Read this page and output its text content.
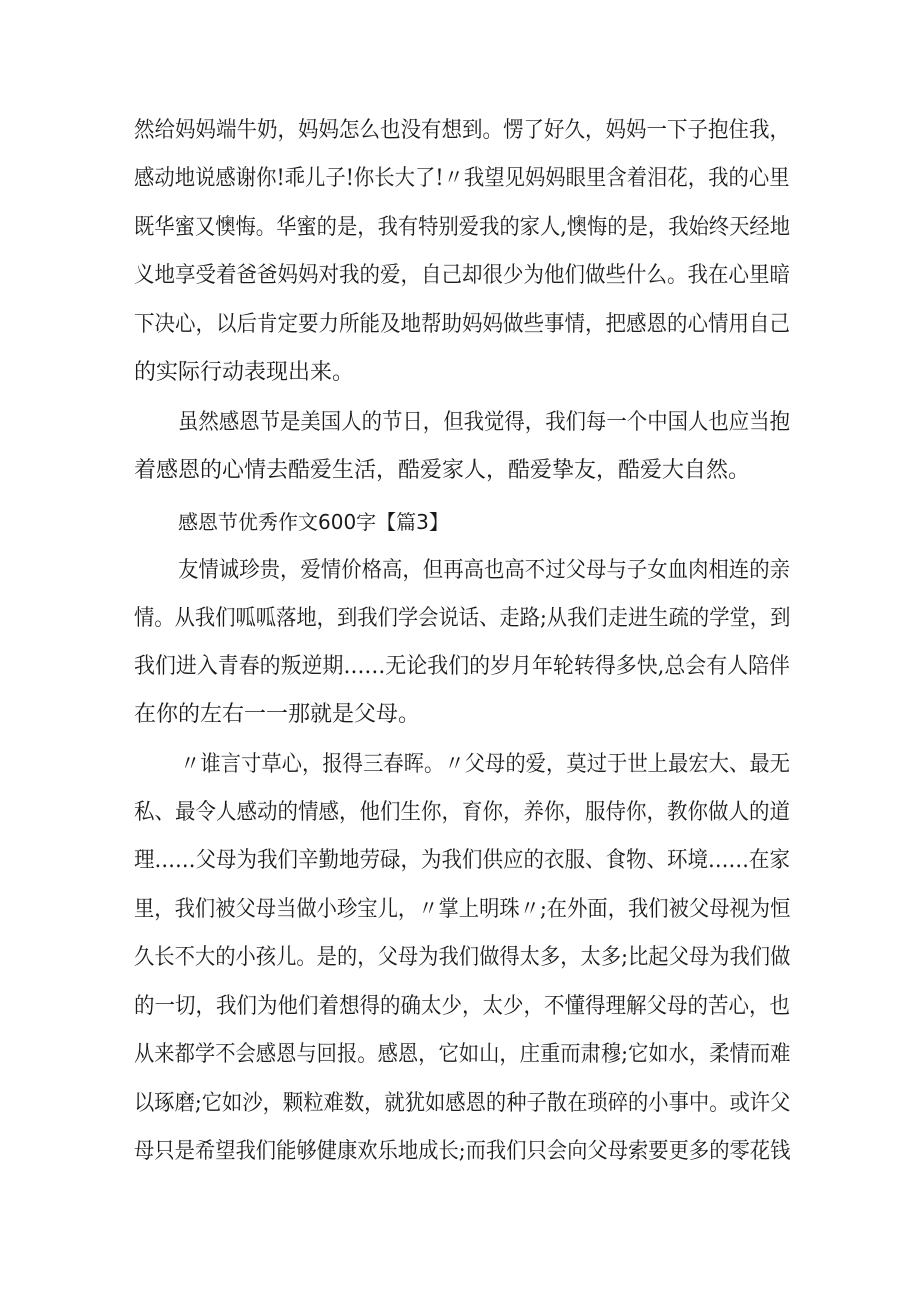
然给妈妈端牛奶，妈妈怎么也没有想到。愣了好久，妈妈一下子抱住我，
感动地说感谢你!乖儿子!你长大了!〃我望见妈妈眼里含着泪花，我的心里
既华蜜又懊悔。华蜜的是，我有特别爱我的家人,懊悔的是，我始终天经地
义地享受着爸爸妈妈对我的爱，自己却很少为他们做些什么。我在心里暗
下决心，以后肯定要力所能及地帮助妈妈做些事情，把感恩的心情用自己
的实际行动表现出来。
虽然感恩节是美国人的节日，但我觉得，我们每一个中国人也应当抱
着感恩的心情去酷爱生活，酷爱家人，酷爱挚友，酷爱大自然。
感恩节优秀作文600字【篇3】
友情诚珍贵，爱情价格高，但再高也高不过父母与子女血肉相连的亲
情。从我们呱呱落地，到我们学会说话、走路;从我们走进生疏的学堂，到
我们进入青春的叛逆期……无论我们的岁月年轮转得多快,总会有人陪伴
在你的左右一一那就是父母。
〃谁言寸草心，报得三春晖。〃父母的爱，莫过于世上最宏大、最无
私、最令人感动的情感，他们生你，育你，养你，服侍你，教你做人的道
理……父母为我们辛勤地劳碌，为我们供应的衣服、食物、环境……在家
里，我们被父母当做小珍宝儿，〃掌上明珠〃;在外面，我们被父母视为恒
久长不大的小孩儿。是的，父母为我们做得太多，太多;比起父母为我们做
的一切，我们为他们着想得的确太少，太少，不懂得理解父母的苦心，也
从来都学不会感恩与回报。感恩，它如山，庄重而肃穆;它如水，柔情而难
以琢磨;它如沙，颗粒难数，就犹如感恩的种子散在琐碎的小事中。或许父
母只是希望我们能够健康欢乐地成长;而我们只会向父母索要更多的零花钱
